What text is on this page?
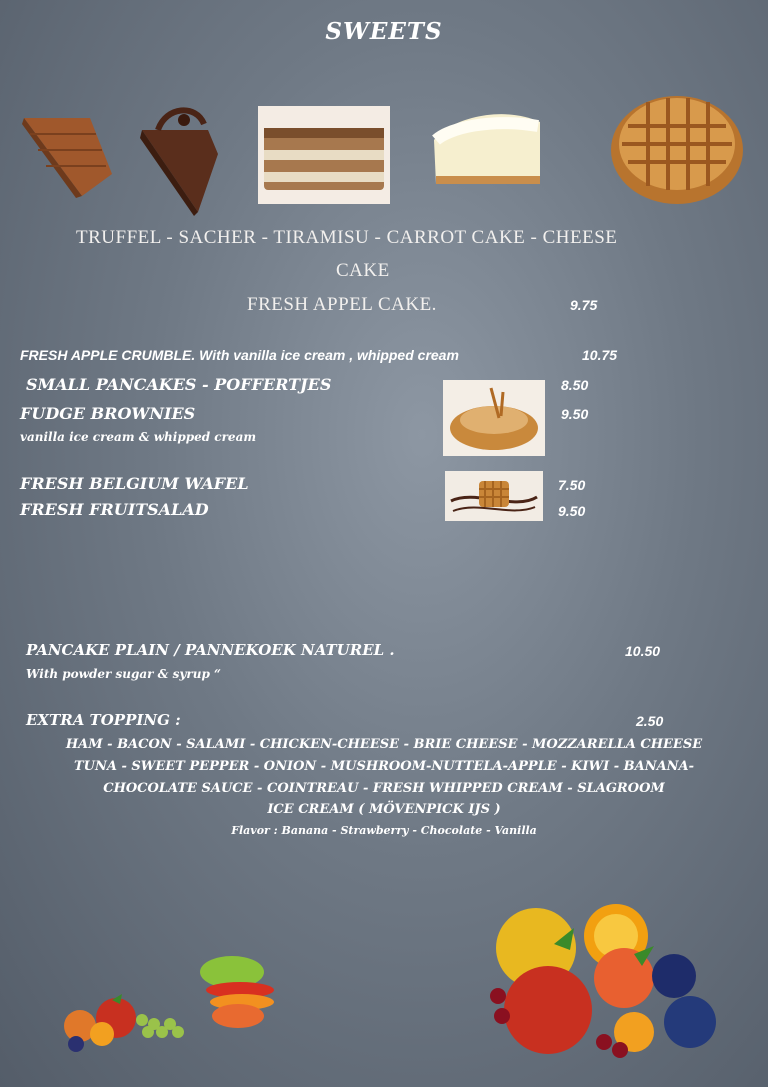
SWEETS
TRUFFEL - SACHER - TIRAMISU - CARROT CAKE - CHEESE
CAKE
FRESH APPEL CAKE.	9.75
FRESH APPLE CRUMBLE. With vanilla ice cream , whipped cream	10.75
SMALL PANCAKES - POFFERTJES	8.50
FUDGE BROWNIES	9.50
vanilla ice cream & whipped cream
FRESH BELGIUM WAFEL	7.50
FRESH FRUITSALAD	9.50
PANCAKE PLAIN / PANNEKOEK NATUREL .	10.50
With powder sugar & syrup “
EXTRA TOPPING :	2.50
HAM - BACON - SALAMI - CHICKEN-CHEESE - BRIE CHEESE - MOZZARELLA CHEESE
TUNA - SWEET PEPPER - ONION - MUSHROOM-NUTTELA-APPLE - KIWI - BANANA-
CHOCOLATE SAUCE - COINTREAU - FRESH WHIPPED CREAM - SLAGROOM
ICE CREAM ( MÖVENPICK IJS )
Flavor : Banana - Strawberry - Chocolate - Vanilla
